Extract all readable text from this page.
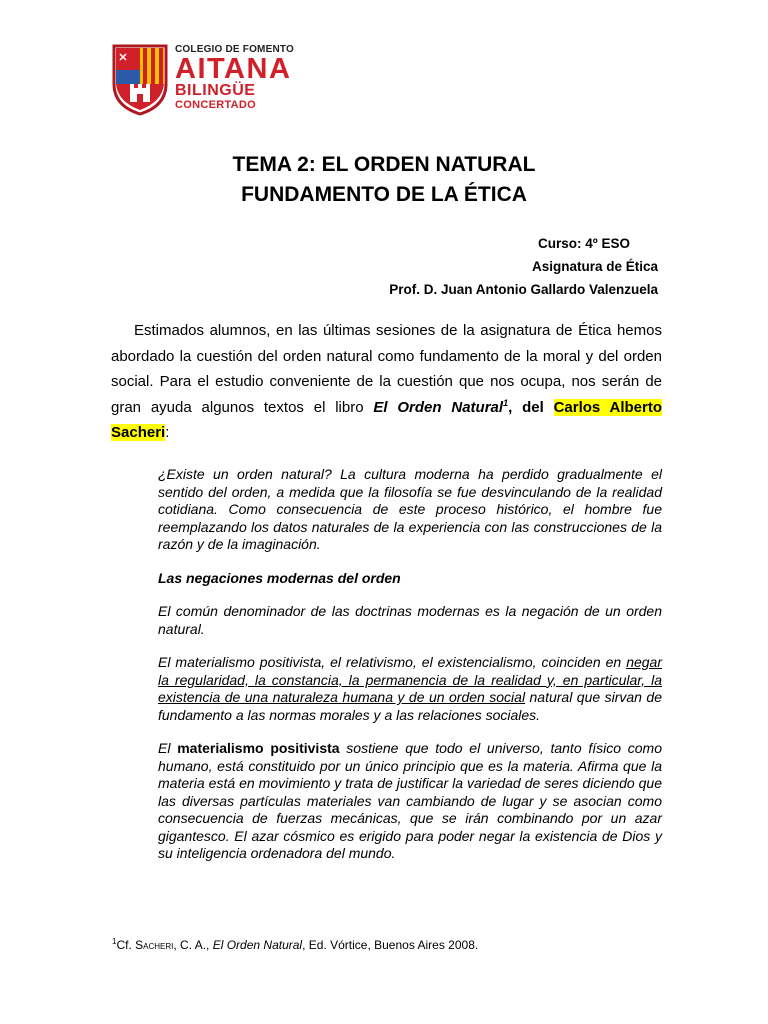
COLEGIO DE FOMENTO
AITANA
BILINGÜE
CONCERTADO
TEMA 2: EL ORDEN NATURAL
FUNDAMENTO DE LA ÉTICA
Curso: 4º ESO
Asignatura de Ética
Prof. D. Juan Antonio Gallardo Valenzuela
Estimados alumnos, en las últimas sesiones de la asignatura de Ética hemos abordado la cuestión del orden natural como fundamento de la moral y del orden social. Para el estudio conveniente de la cuestión que nos ocupa, nos serán de gran ayuda algunos textos el libro El Orden Natural$^1$, del Carlos Alberto Sacheri:

¿Existe un orden natural? La cultura moderna ha perdido gradualmente el sentido del orden, a medida que la filosofía se fue desvinculando de la realidad cotidiana. Como consecuencia de este proceso histórico, el hombre fue reemplazando los datos naturales de la experiencia con las construcciones de la razón y de la imaginación.

Las negaciones modernas del orden

El común denominador de las doctrinas modernas es la negación de un orden natural.

El materialismo positivista, el relativismo, el existencialismo, coinciden en negar la regularidad, la constancia, la permanencia de la realidad y, en particular, la existencia de una naturaleza humana y de un orden social natural que sirvan de fundamento a las normas morales y a las relaciones sociales.

El materialismo positivista sostiene que todo el universo, tanto físico como humano, está constituido por un único principio que es la materia. Afirma que la materia está en movimiento y trata de justificar la variedad de seres diciendo que las diversas partículas materiales van cambiando de lugar y se asocian como consecuencia de fuerzas mecánicas, que se irán combinando por un azar gigantesco. El azar cósmico es erigido para poder negar la existencia de Dios y su inteligencia ordenadora del mundo.

$^1$Cf. Sacheri, C. A., El Orden Natural, Ed. Vórtice, Buenos Aires 2008.
